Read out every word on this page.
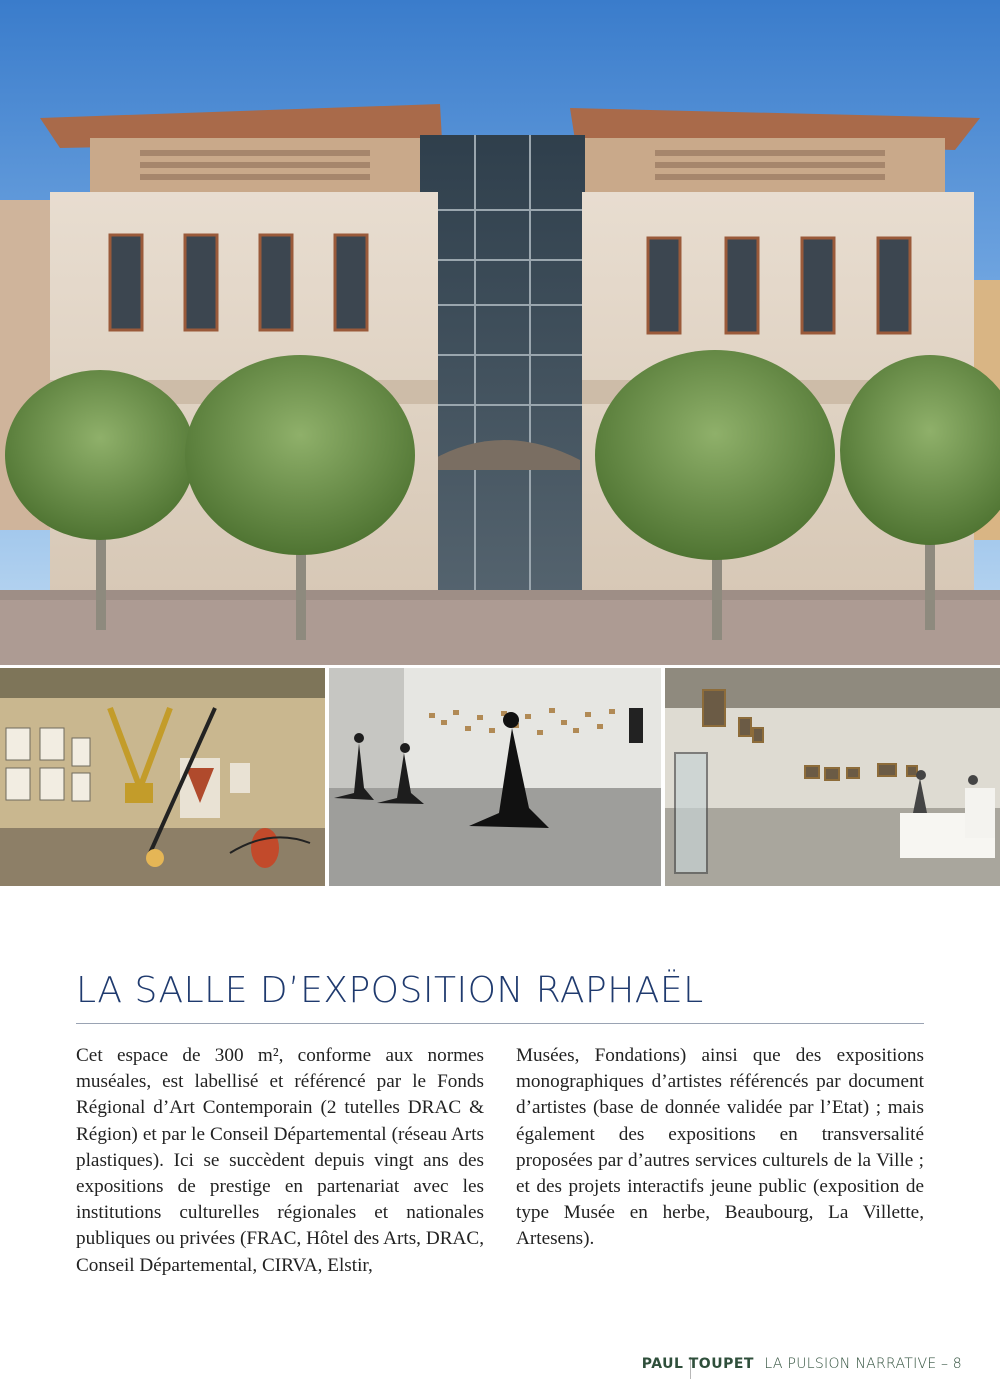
LA SALLE D’EXPOSITION RAPHAËL
Cet espace de 300 m², conforme aux normes muséales, est labellisé et référencé par le Fonds Régional d’Art Contemporain (2 tutelles DRAC & Région) et par le Conseil Départemental (réseau Arts plastiques). Ici se succèdent depuis vingt ans des expositions de prestige en partenariat avec les institutions culturelles régionales et nationales publiques ou privées (FRAC, Hôtel des Arts, DRAC, Conseil Départemental, CIRVA, Elstir,
Musées, Fondations) ainsi que des expositions monographiques d’artistes référencés par document d’artistes (base de donnée validée par l’Etat) ; mais également des expositions en transversalité proposées par d’autres services culturels de la Ville ; et des projets interactifs jeune public (exposition de type Musée en herbe, Beaubourg, La Villette, Artesens).
PAUL TOUPET LA PULSION NARRATIVE – 8
